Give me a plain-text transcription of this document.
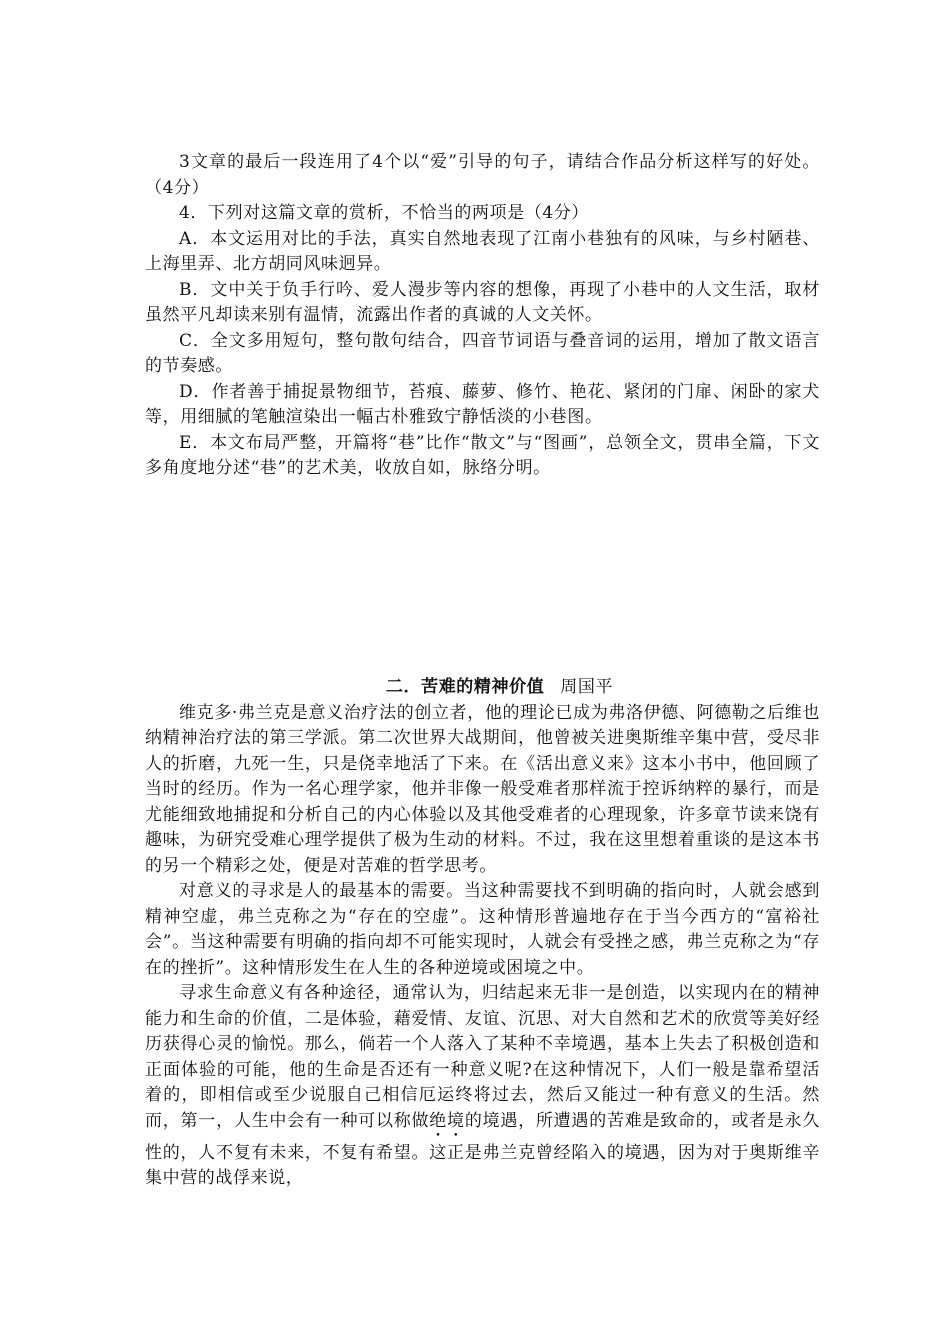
3文章的最后一段连用了4个以“爱”引导的句子，请结合作品分析这样写的好处。（4分）

4．下列对这篇文章的赏析，不恰当的两项是（4分）

A．本文运用对比的手法，真实自然地表现了江南小巷独有的风味，与乡村陋巷、上海里弄、北方胡同风味迥异。

B．文中关于负手行吟、爱人漫步等内容的想像，再现了小巷中的人文生活，取材虽然平凡却读来别有温情，流露出作者的真诚的人文关怀。

C．全文多用短句，整句散句结合，四音节词语与叠音词的运用，增加了散文语言的节奏感。

D．作者善于捕捉景物细节，苔痕、藤萝、修竹、艳花、紧闭的门扉、闲卧的家犬等，用细腻的笔触渲染出一幅古朴雅致宁静恬淡的小巷图。

E．本文布局严整，开篇将“巷”比作“散文”与“图画”，总领全文，贯串全篇，下文多角度地分述“巷”的艺术美，收放自如，脉络分明。

二．苦难的精神价值 周国平

维克多·弗兰克是意义治疗法的创立者，他的理论已成为弗洛伊德、阿德勒之后维也纳精神治疗法的第三学派。第二次世界大战期间，他曾被关进奥斯维辛集中营，受尽非人的折磨，九死一生，只是侥幸地活了下来。在《活出意义来》这本小书中，他回顾了当时的经历。作为一名心理学家，他并非像一般受难者那样流于控诉纳粹的暴行，而是尤能细致地捕捉和分析自己的内心体验以及其他受难者的心理现象，许多章节读来饶有趣味，为研究受难心理学提供了极为生动的材料。不过，我在这里想着重谈的是这本书的另一个精彩之处，便是对苦难的哲学思考。

对意义的寻求是人的最基本的需要。当这种需要找不到明确的指向时，人就会感到精神空虚，弗兰克称之为“存在的空虚”。这种情形普遍地存在于当今西方的“富裕社会”。当这种需要有明确的指向却不可能实现时，人就会有受挫之感，弗兰克称之为“存在的挫折”。这种情形发生在人生的各种逆境或困境之中。

寻求生命意义有各种途径，通常认为，归结起来无非一是创造，以实现内在的精神能力和生命的价值，二是体验，藉爱情、友谊、沉思、对大自然和艺术的欣赏等美好经历获得心灵的愉悦。那么，倘若一个人落入了某种不幸境遇，基本上失去了积极创造和正面体验的可能，他的生命是否还有一种意义呢?在这种情况下，人们一般是靠希望活着的，即相信或至少说服自己相信厄运终将过去，然后又能过一种有意义的生活。然而，第一，人生中会有一种可以称做绝境的境遇，所遭遇的苦难是致命的，或者是永久性的，人不复有未来，不复有希望。这正是弗兰克曾经陷入的境遇，因为对于奥斯维辛集中营的战俘来说，
